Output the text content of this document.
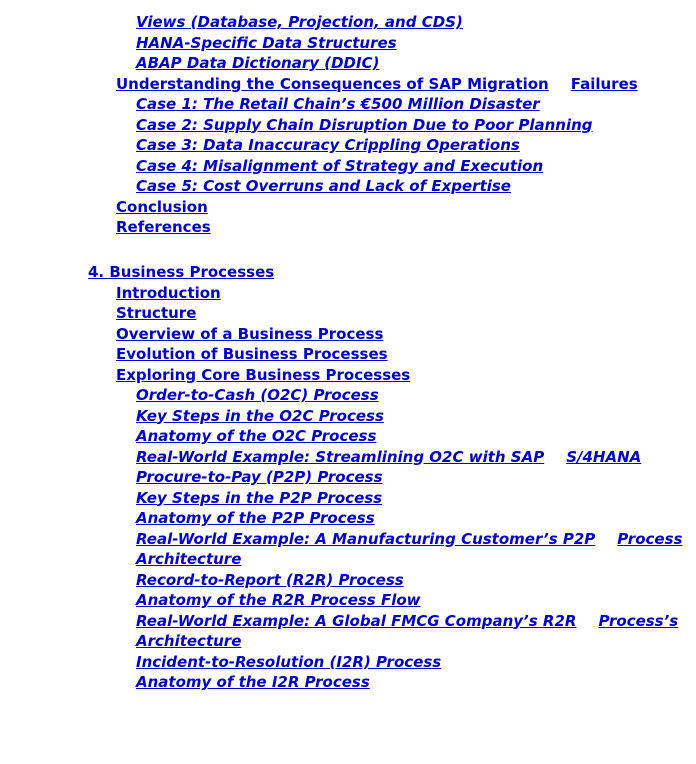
Views (Database, Projection, and CDS)
HANA-Specific Data Structures
ABAP Data Dictionary (DDIC)
Understanding the Consequences of SAP Migration Failures
Case 1: The Retail Chain’s €500 Million Disaster
Case 2: Supply Chain Disruption Due to Poor Planning
Case 3: Data Inaccuracy Crippling Operations
Case 4: Misalignment of Strategy and Execution
Case 5: Cost Overruns and Lack of Expertise
Conclusion
References
4. Business Processes
Introduction
Structure
Overview of a Business Process
Evolution of Business Processes
Exploring Core Business Processes
Order-to-Cash (O2C) Process
Key Steps in the O2C Process
Anatomy of the O2C Process
Real-World Example: Streamlining O2C with SAP S/4HANA
Procure-to-Pay (P2P) Process
Key Steps in the P2P Process
Anatomy of the P2P Process
Real-World Example: A Manufacturing Customer’s P2P Process Architecture
Record-to-Report (R2R) Process
Anatomy of the R2R Process Flow
Real-World Example: A Global FMCG Company’s R2R Process’s Architecture
Incident-to-Resolution (I2R) Process
Anatomy of the I2R Process
